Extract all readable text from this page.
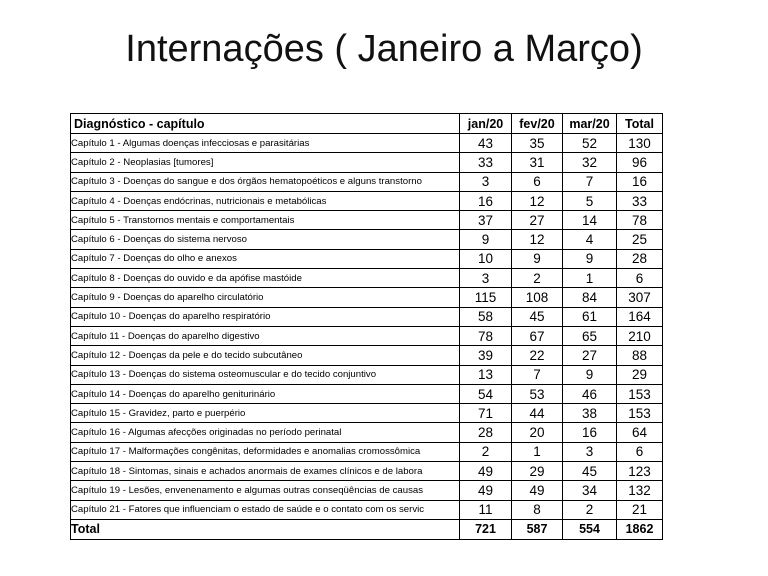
Internações ( Janeiro a Março)
Diagnóstico - capítulo	jan/20	fev/20	mar/20	Total
Capítulo 1 - Algumas doenças infecciosas e parasitárias	43	35	52	130
Capítulo 2 - Neoplasias [tumores]	33	31	32	96
Capítulo 3 - Doenças do sangue e dos órgãos hematopoéticos e alguns transtorno	3	6	7	16
Capítulo 4 - Doenças endócrinas, nutricionais e metabólicas	16	12	5	33
Capítulo 5 - Transtornos mentais e comportamentais	37	27	14	78
Capítulo 6 - Doenças do sistema nervoso	9	12	4	25
Capítulo 7 - Doenças do olho e anexos	10	9	9	28
Capítulo 8 - Doenças do ouvido e da apófise mastóide	3	2	1	6
Capítulo 9 - Doenças do aparelho circulatório	115	108	84	307
Capítulo 10 - Doenças do aparelho respiratório	58	45	61	164
Capítulo 11 - Doenças do aparelho digestivo	78	67	65	210
Capítulo 12 - Doenças da pele e do tecido subcutâneo	39	22	27	88
Capítulo 13 - Doenças do sistema osteomuscular e do tecido conjuntivo	13	7	9	29
Capítulo 14 - Doenças do aparelho geniturinário	54	53	46	153
Capítulo 15 - Gravidez, parto e puerpério	71	44	38	153
Capítulo 16 - Algumas afecções originadas no período perinatal	28	20	16	64
Capítulo 17 - Malformações congênitas, deformidades e anomalias cromossômica	2	1	3	6
Capítulo 18 - Sintomas, sinais e achados anormais de exames clínicos e de labora	49	29	45	123
Capítulo 19 - Lesões, envenenamento e algumas outras conseqüências de causas	49	49	34	132
Capítulo 21 - Fatores que influenciam o estado de saúde e o contato com os servic	11	8	2	21
Total	721	587	554	1862
